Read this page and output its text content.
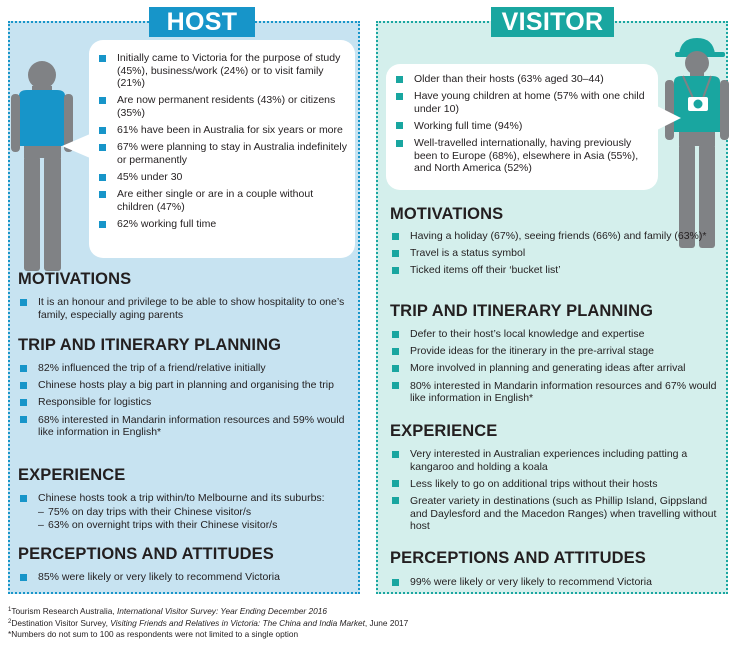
HOST	VISITOR
Initially came to Victoria for the purpose of study (45%), business/work (24%) or to visit family (21%)
Are now permanent residents (43%) or citizens (35%)
61% have been in Australia for six years or more
67% were planning to stay in Australia indefinitely or permanently
45% under 30
Are either single or are in a couple without children (47%)
62% working full time
Older than their hosts (63% aged 30–44)
Have young children at home (57% with one child under 10)
Working full time (94%)
Well-travelled internationally, having previously been to Europe (68%), elsewhere in Asia (55%), and North America (52%)
MOTIVATIONS
It is an honour and privilege to be able to show hospitality to one’s family, especially aging parents
TRIP AND ITINERARY PLANNING
82% influenced the trip of a friend/relative initially
Chinese hosts play a big part in planning and organising the trip
Responsible for logistics
68% interested in Mandarin information resources and 59% would like information in English*
EXPERIENCE
Chinese hosts took a trip within/to Melbourne and its suburbs:
– 75% on day trips with their Chinese visitor/s
– 63% on overnight trips with their Chinese visitor/s
PERCEPTIONS AND ATTITUDES
85% were likely or very likely to recommend Victoria
MOTIVATIONS
Having a holiday (67%), seeing friends (66%) and family (63%)*
Travel is a status symbol
Ticked items off their ‘bucket list’
TRIP AND ITINERARY PLANNING
Defer to their host’s local knowledge and expertise
Provide ideas for the itinerary in the pre-arrival stage
More involved in planning and generating ideas after arrival
80% interested in Mandarin information resources and 67% would like information in English*
EXPERIENCE
Very interested in Australian experiences including patting a kangaroo and holding a koala
Less likely to go on additional trips without their hosts
Greater variety in destinations (such as Phillip Island, Gippsland and Daylesford and the Macedon Ranges) when travelling without host
PERCEPTIONS AND ATTITUDES
99% were likely or very likely to recommend Victoria
$^1$Tourism Research Australia, International Visitor Survey: Year Ending December 2016
$^2$Destination Visitor Survey, Visiting Friends and Relatives in Victoria: The China and India Market, June 2017
*Numbers do not sum to 100 as respondents were not limited to a single option
